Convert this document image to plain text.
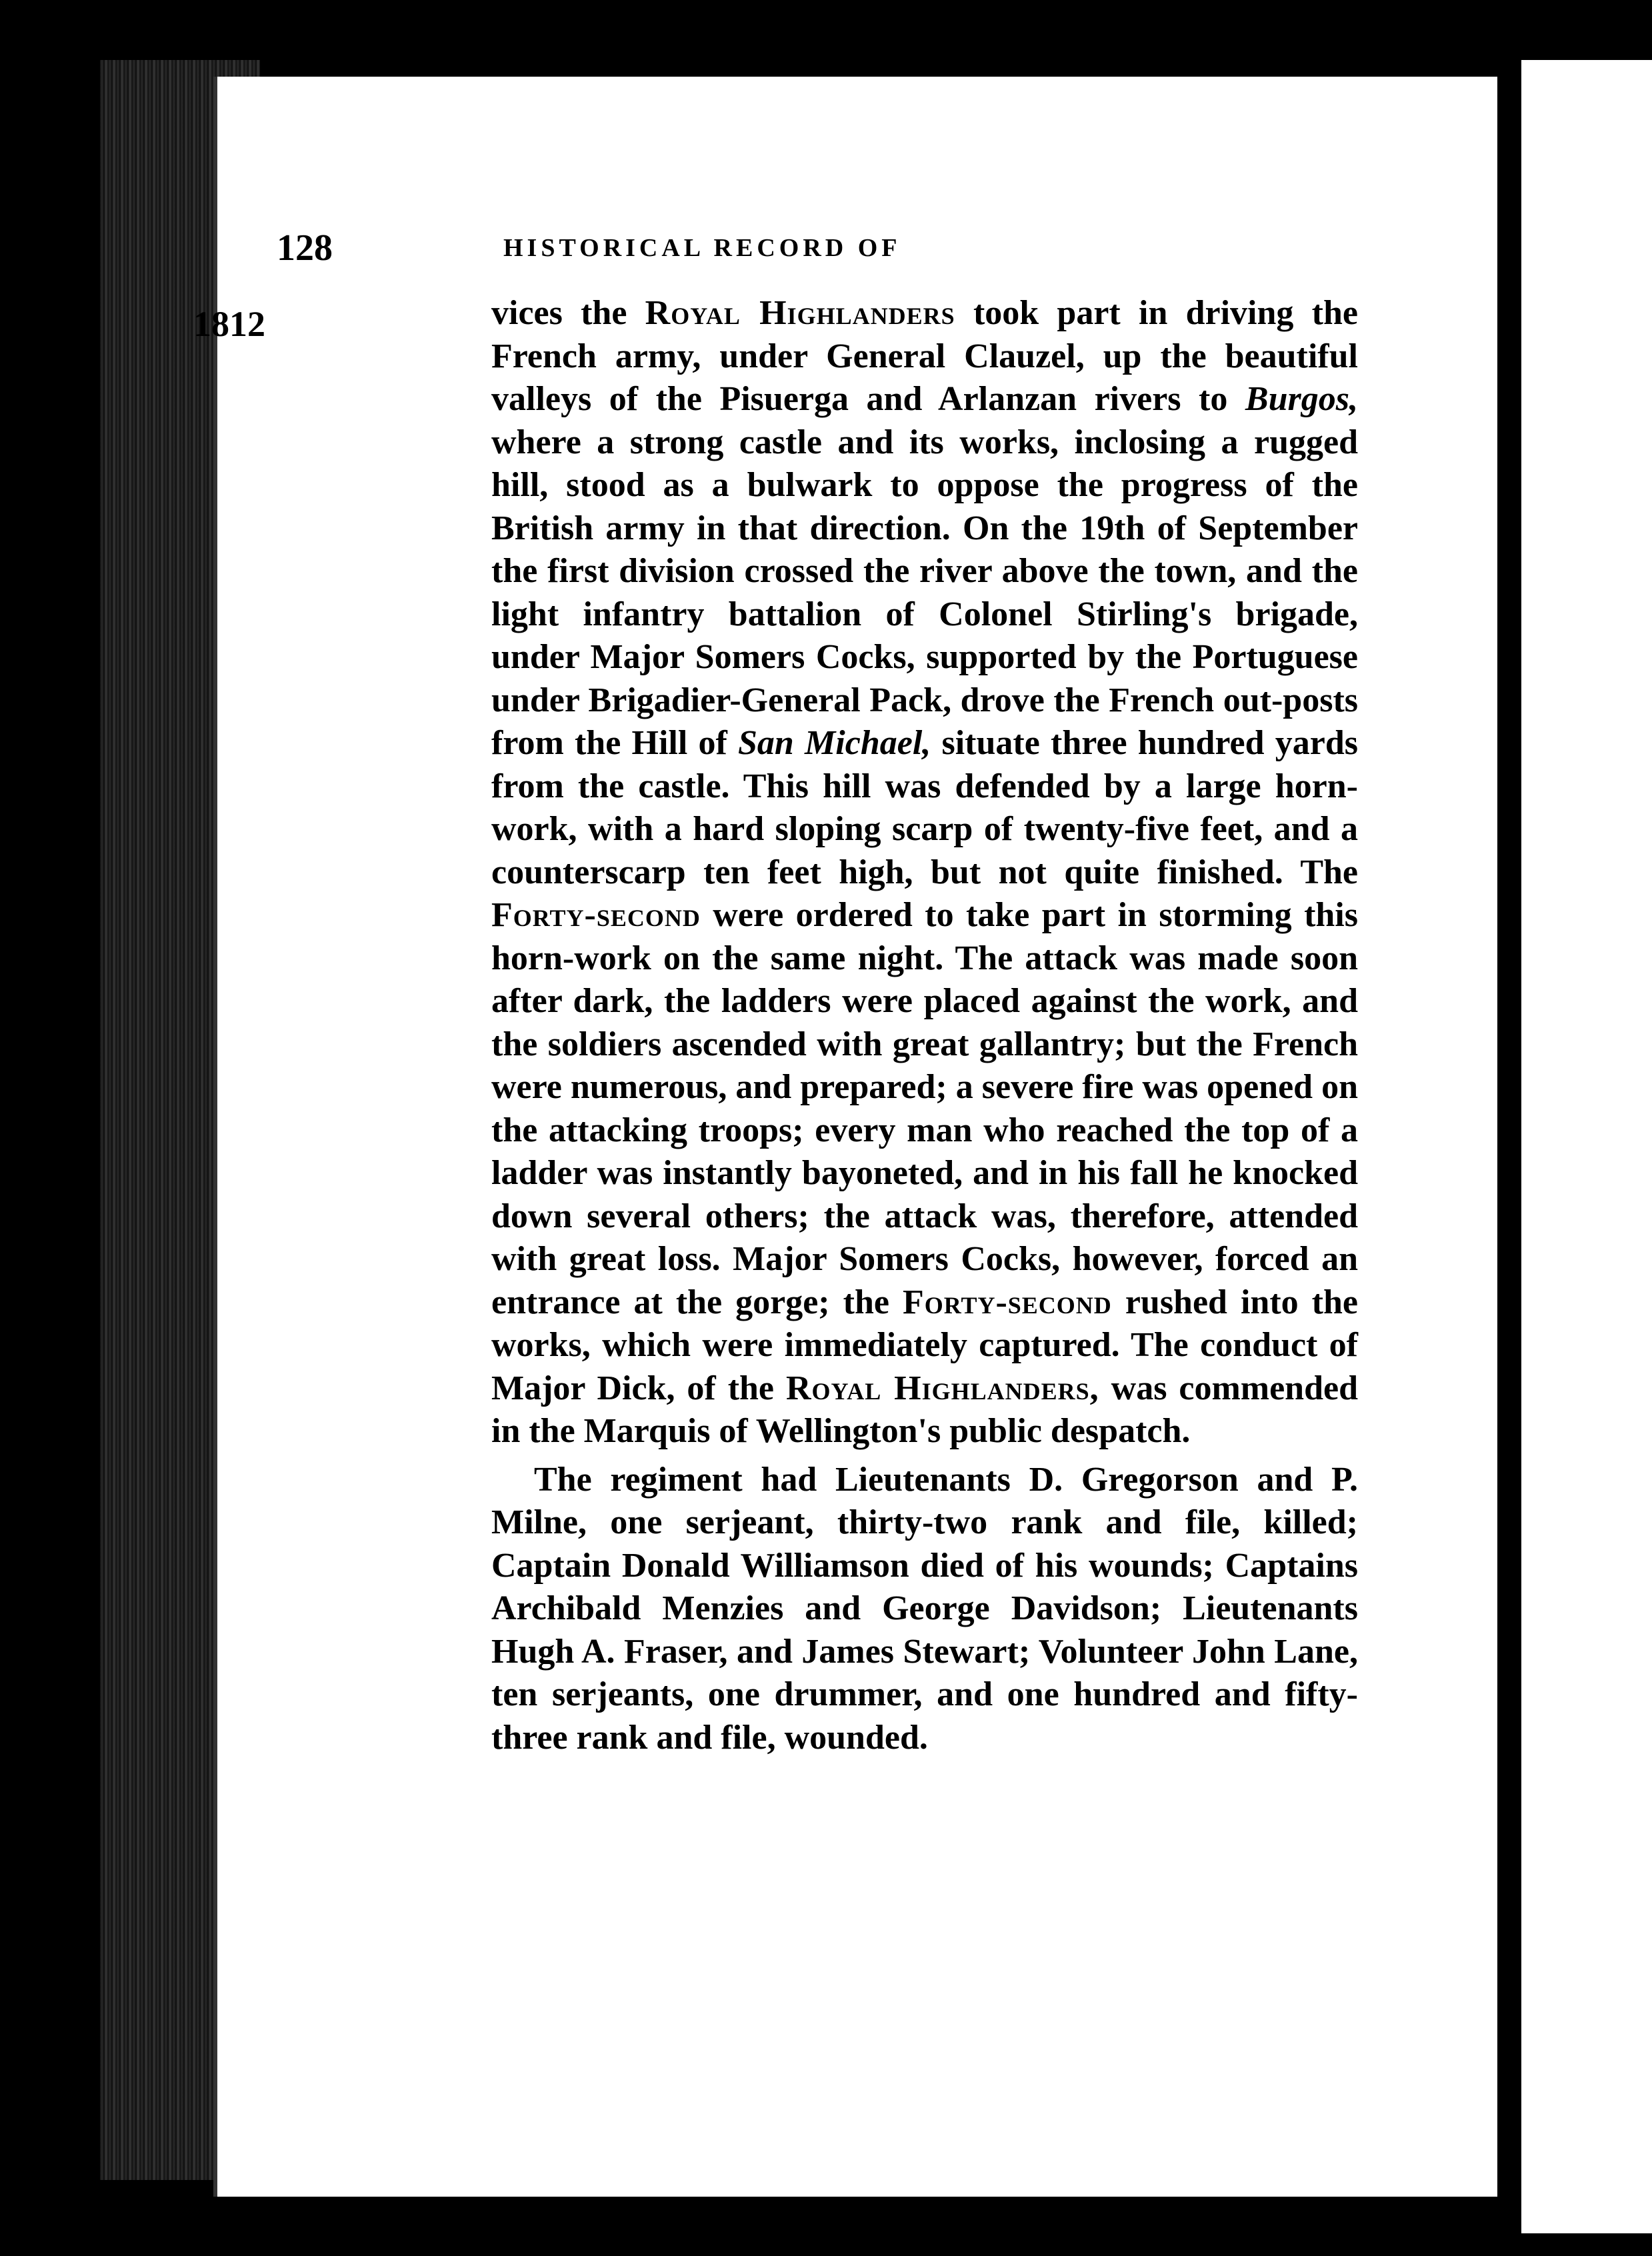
128	HISTORICAL RECORD OF
1812	vices the Royal Highlanders took part in driving the French army, under General Clauzel, up the beautiful valleys of the Pisuerga and Arlanzan rivers to Burgos, where a strong castle and its works, inclosing a rugged hill, stood as a bulwark to oppose the progress of the British army in that direction. On the 19th of September the first division crossed the river above the town, and the light infantry battalion of Colonel Stirling's brigade, under Major Somers Cocks, supported by the Portuguese under Brigadier-General Pack, drove the French out-posts from the Hill of San Michael, situate three hundred yards from the castle. This hill was defended by a large horn-work, with a hard sloping scarp of twenty-five feet, and a counterscarp ten feet high, but not quite finished. The Forty-second were ordered to take part in storming this horn-work on the same night. The attack was made soon after dark, the ladders were placed against the work, and the soldiers ascended with great gallantry; but the French were numerous, and prepared; a severe fire was opened on the attacking troops; every man who reached the top of a ladder was instantly bayoneted, and in his fall he knocked down several others; the attack was, therefore, attended with great loss. Major Somers Cocks, however, forced an entrance at the gorge; the Forty-second rushed into the works, which were immediately captured. The conduct of Major Dick, of the Royal Highlanders, was commended in the Marquis of Wellington's public despatch.

The regiment had Lieutenants D. Gregorson and P. Milne, one serjeant, thirty-two rank and file, killed; Captain Donald Williamson died of his wounds; Captains Archibald Menzies and George Davidson; Lieutenants Hugh A. Fraser, and James Stewart; Volunteer John Lane, ten serjeants, one drummer, and one hundred and fifty-three rank and file, wounded.
